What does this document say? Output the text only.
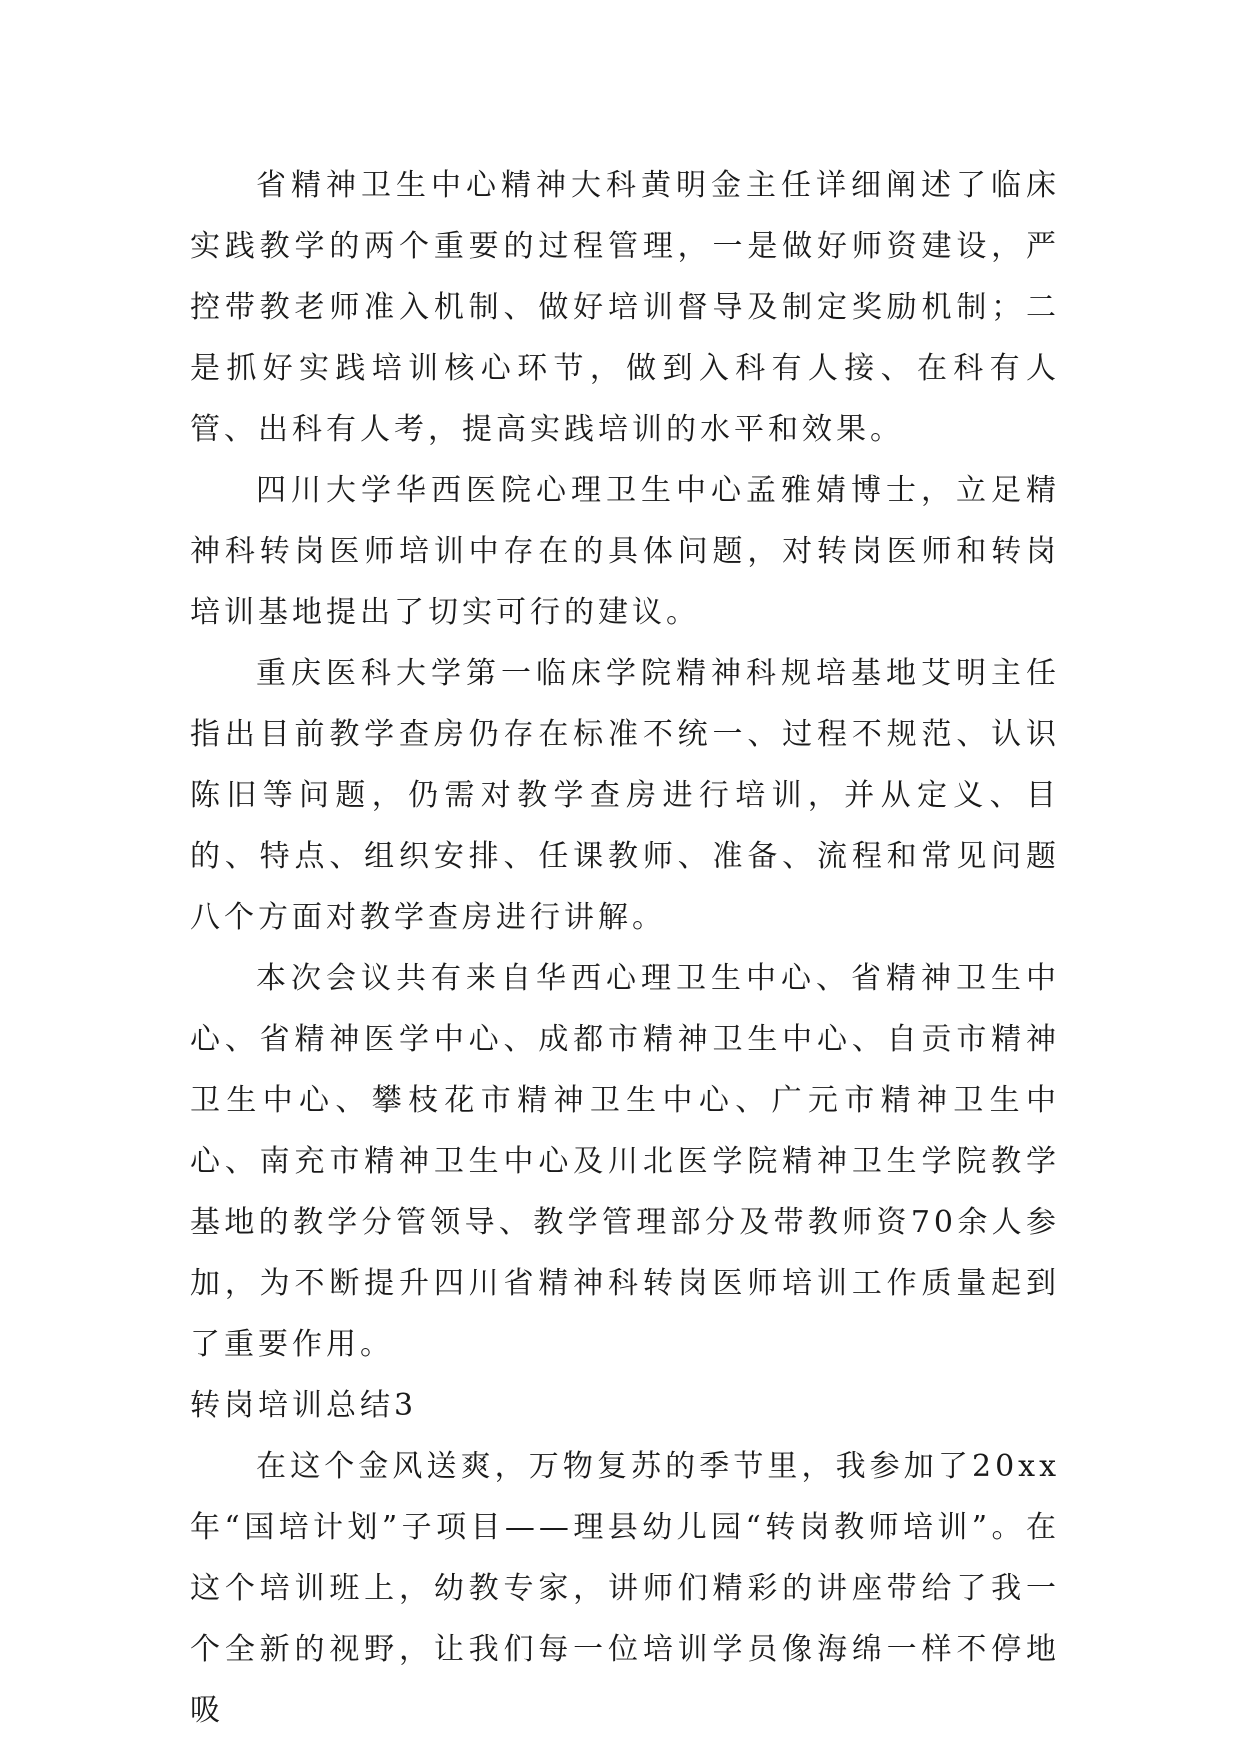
省精神卫生中心精神大科黄明金主任详细阐述了临床实践教学的两个重要的过程管理，一是做好师资建设，严控带教老师准入机制、做好培训督导及制定奖励机制；二是抓好实践培训核心环节，做到入科有人接、在科有人管、出科有人考，提高实践培训的水平和效果。

四川大学华西医院心理卫生中心孟雅婧博士，立足精神科转岗医师培训中存在的具体问题，对转岗医师和转岗培训基地提出了切实可行的建议。

重庆医科大学第一临床学院精神科规培基地艾明主任指出目前教学查房仍存在标准不统一、过程不规范、认识陈旧等问题，仍需对教学查房进行培训，并从定义、目的、特点、组织安排、任课教师、准备、流程和常见问题八个方面对教学查房进行讲解。

本次会议共有来自华西心理卫生中心、省精神卫生中心、省精神医学中心、成都市精神卫生中心、自贡市精神卫生中心、攀枝花市精神卫生中心、广元市精神卫生中心、南充市精神卫生中心及川北医学院精神卫生学院教学基地的教学分管领导、教学管理部分及带教师资70余人参加，为不断提升四川省精神科转岗医师培训工作质量起到了重要作用。

转岗培训总结3

在这个金风送爽，万物复苏的季节里，我参加了20xx年“国培计划”子项目——理县幼儿园“转岗教师培训”。在这个培训班上，幼教专家，讲师们精彩的讲座带给了我一个全新的视野，让我们每一位培训学员像海绵一样不停地吸
